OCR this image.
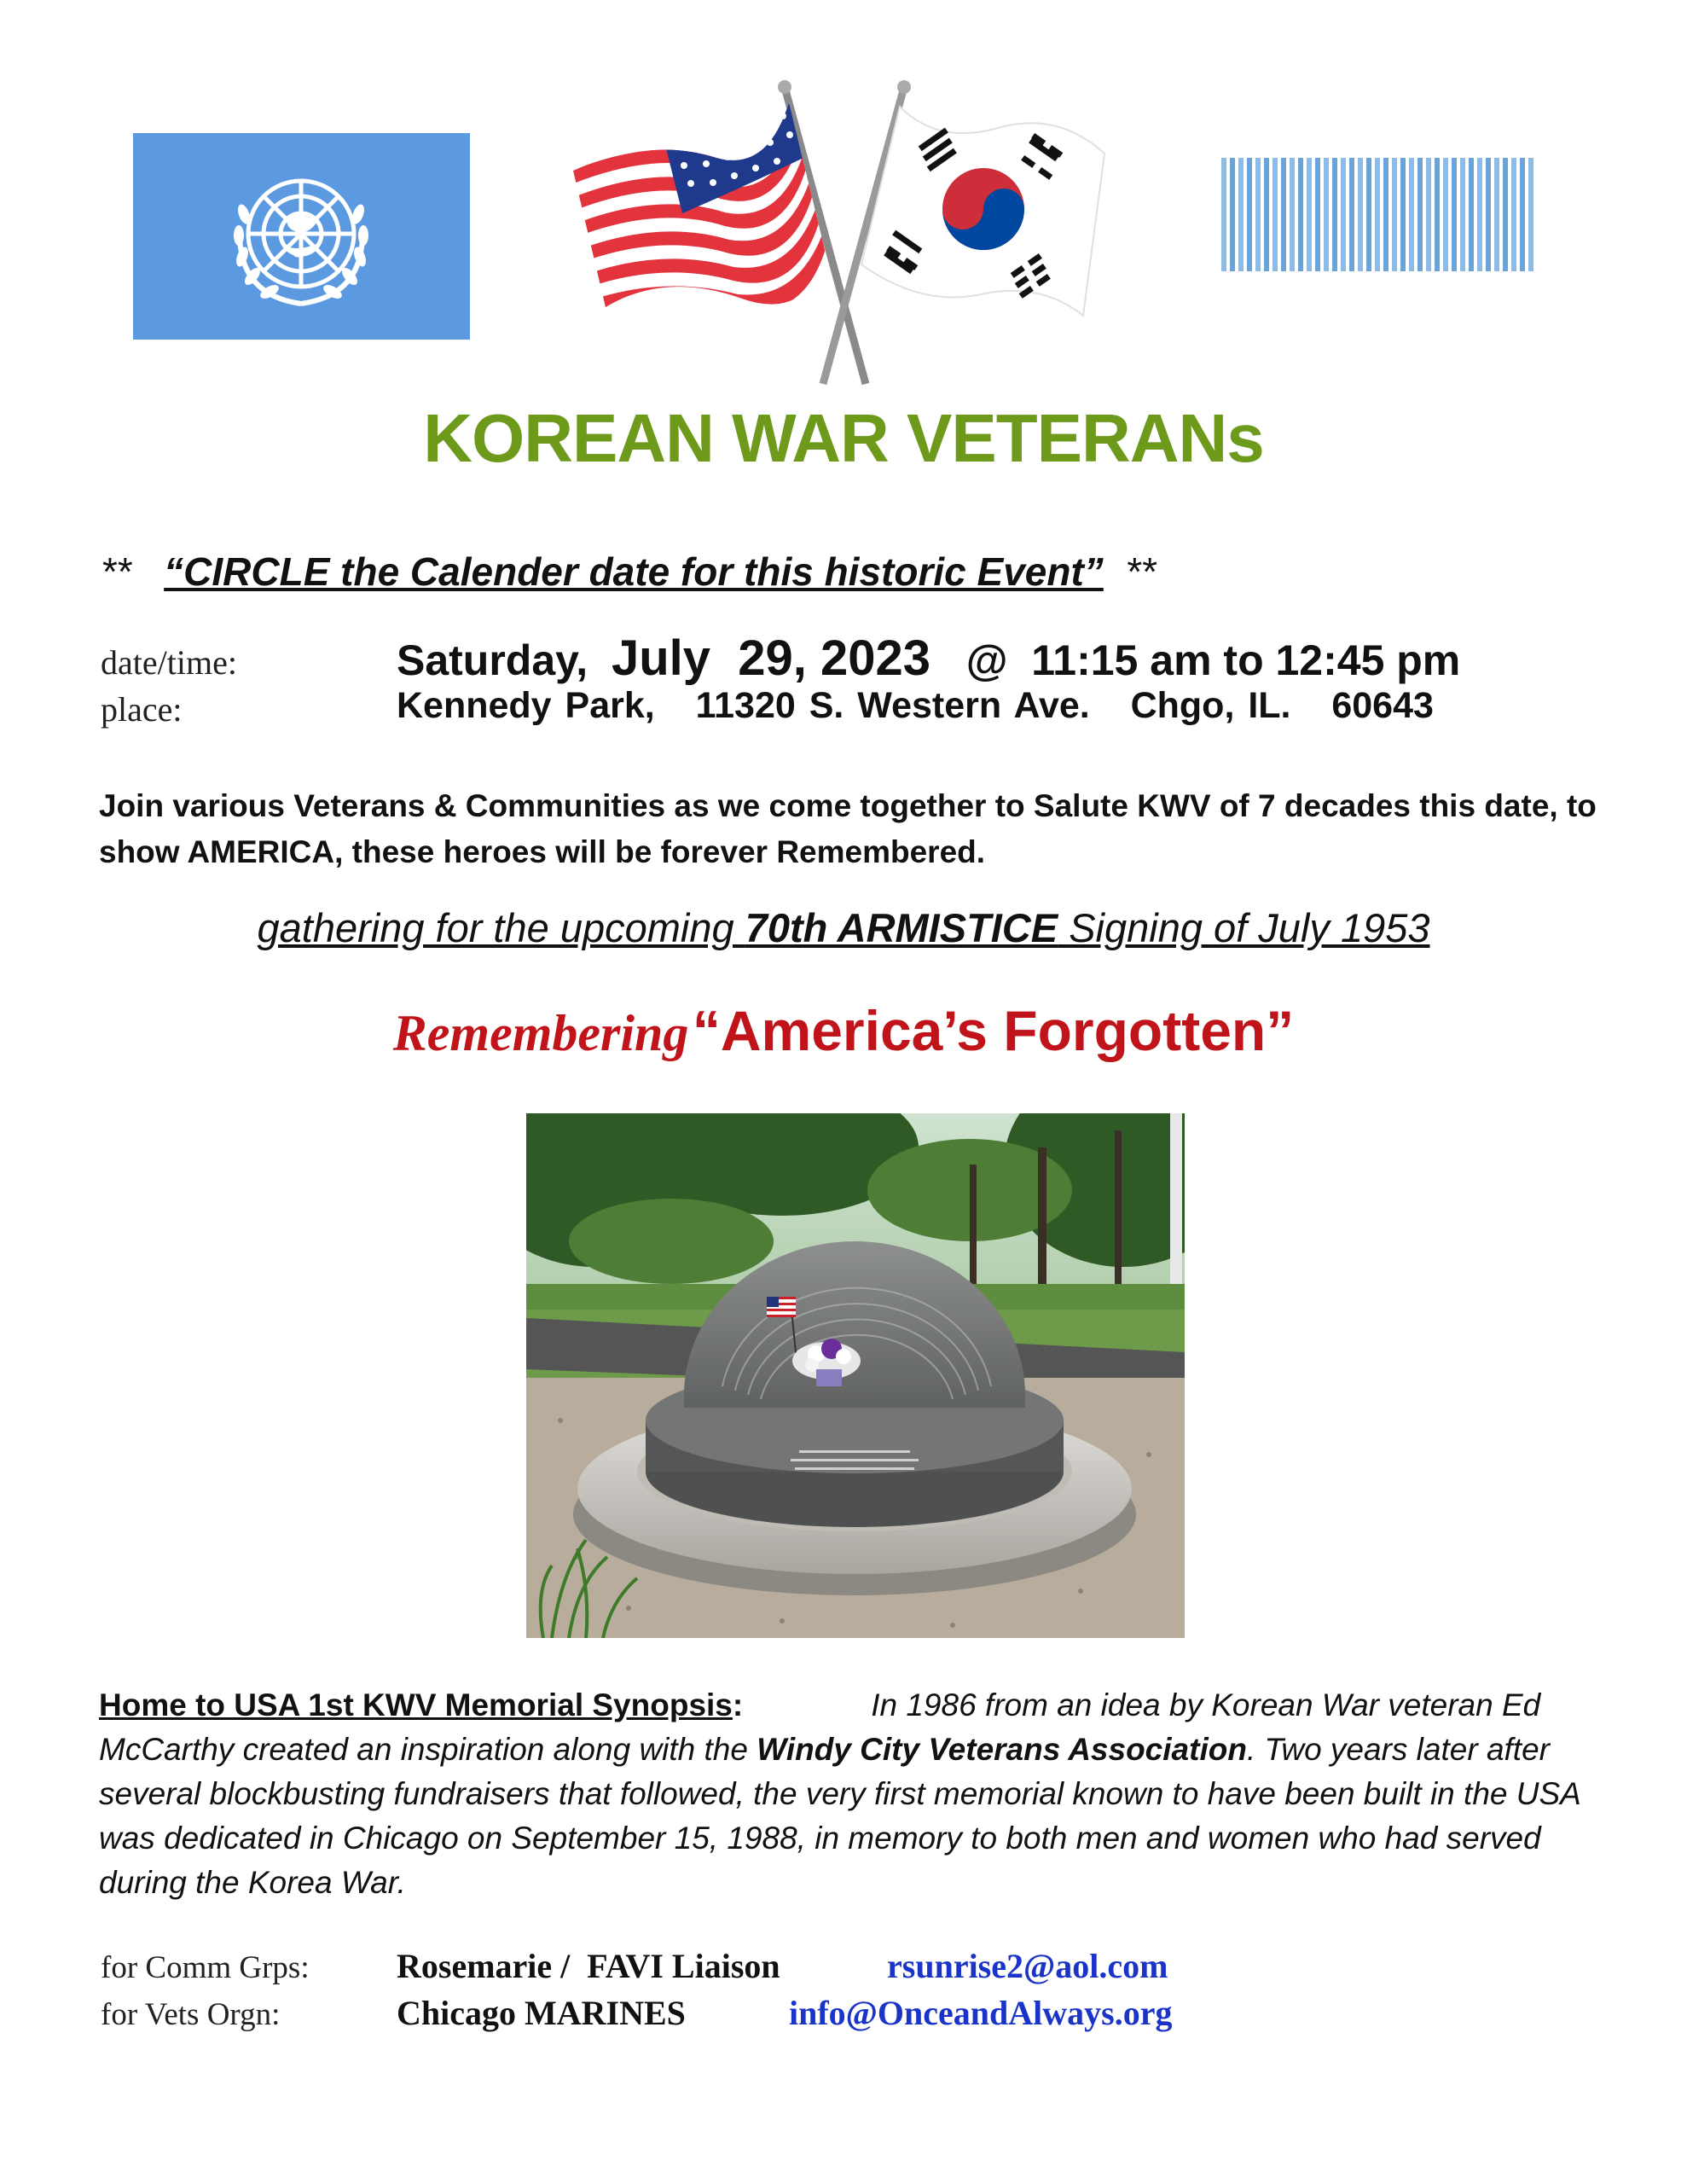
KOREAN WAR VETERANs
** “CIRCLE the Calender date for this historic Event” **
date/time:	Saturday, July  29, 2023 @  11:15 am to 12:45 pm
place:	Kennedy Park,   11320 S. Western Ave.   Chgo, IL.   60643
Join various Veterans & Communities as we come together to Salute KWV of 7 decades this date, to show AMERICA, these heroes will be forever Remembered.
gathering for the upcoming 70th ARMISTICE Signing of July 1953
Remembering “America’s Forgotten”
Home to USA 1st KWV Memorial Synopsis:	In 1986 from an idea by Korean War veteran Ed McCarthy created an inspiration along with the Windy City Veterans Association. Two years later after several blockbusting fundraisers that followed, the very first memorial known to have been built in the USA was dedicated in Chicago on September 15, 1988, in memory to both men and women who had served during the Korea War.
for Comm Grps:	Rosemarie /  FAVI Liaison	rsunrise2@aol.com
for Vets Orgn:	Chicago MARINES	info@OnceandAlways.org
